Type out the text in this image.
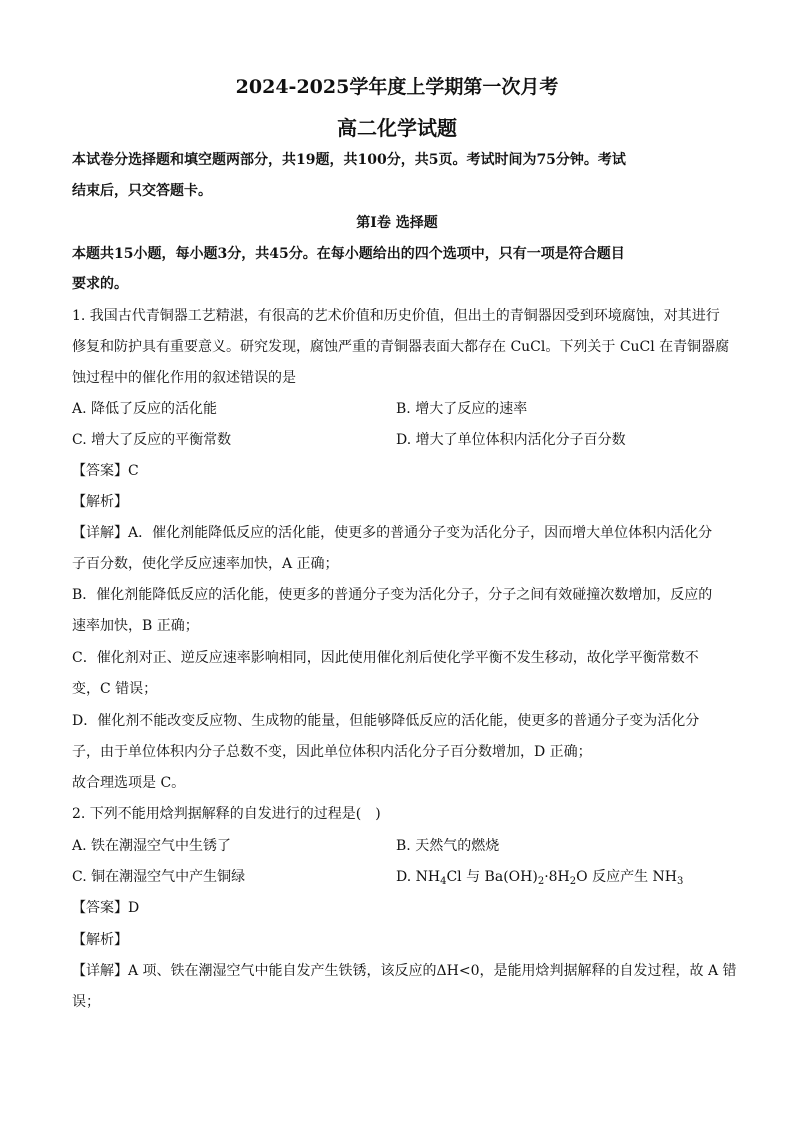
2024-2025学年度上学期第一次月考
高二化学试题
本试卷分选择题和填空题两部分，共19题，共100分，共5页。考试时间为75分钟。考试
结束后，只交答题卡。
第Ⅰ卷 选择题
本题共15小题，每小题3分，共45分。在每小题给出的四个选项中，只有一项是符合题目
要求的。
1. 我国古代青铜器工艺精湛，有很高的艺术价值和历史价值，但出土的青铜器因受到环境腐蚀，对其进行
修复和防护具有重要意义。研究发现，腐蚀严重的青铜器表面大都存在 CuCl。下列关于 CuCl 在青铜器腐
蚀过程中的催化作用的叙述错误的是
A. 降低了反应的活化能	B. 增大了反应的速率
C. 增大了反应的平衡常数	D. 增大了单位体积内活化分子百分数
【答案】C
【解析】
【详解】A．催化剂能降低反应的活化能，使更多的普通分子变为活化分子，因而增大单位体积内活化分
子百分数，使化学反应速率加快，A 正确；
B．催化剂能降低反应的活化能，使更多的普通分子变为活化分子，分子之间有效碰撞次数增加，反应的
速率加快，B 正确；
C．催化剂对正、逆反应速率影响相同，因此使用催化剂后使化学平衡不发生移动，故化学平衡常数不
变，C 错误；
D．催化剂不能改变反应物、生成物的能量，但能够降低反应的活化能，使更多的普通分子变为活化分
子，由于单位体积内分子总数不变，因此单位体积内活化分子百分数增加，D 正确；
故合理选项是 C。
2. 下列不能用焓判据解释的自发进行的过程是(　)
A. 铁在潮湿空气中生锈了	B. 天然气的燃烧
C. 铜在潮湿空气中产生铜绿	D. $NH_4Cl$ 与 $Ba(OH)_2\cdot 8H_2O$ 反应产生 $NH_3$
【答案】D
【解析】
【详解】A 项、铁在潮湿空气中能自发产生铁锈，该反应的ΔH<0，是能用焓判据解释的自发过程，故 A 错
误；
